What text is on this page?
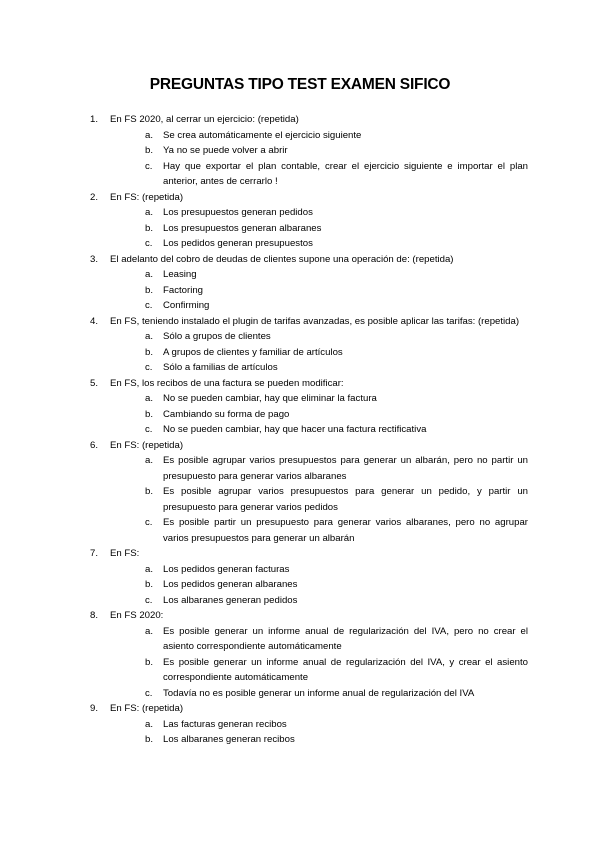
PREGUNTAS TIPO TEST EXAMEN SIFICO
1. En FS 2020, al cerrar un ejercicio: (repetida)
a. Se crea automáticamente el ejercicio siguiente
b. Ya no se puede volver a abrir
c. Hay que exportar el plan contable, crear el ejercicio siguiente e importar el plan anterior, antes de cerrarlo !
2. En FS: (repetida)
a. Los presupuestos generan pedidos
b. Los presupuestos generan albaranes
c. Los pedidos generan presupuestos
3. El adelanto del cobro de deudas de clientes supone una operación de: (repetida)
a. Leasing
b. Factoring
c. Confirming
4. En FS, teniendo instalado el plugin de tarifas avanzadas, es posible aplicar las tarifas: (repetida)
a. Sólo a grupos de clientes
b. A grupos de clientes y familiar de artículos
c. Sólo a familias de artículos
5. En FS, los recibos de una factura se pueden modificar:
a. No se pueden cambiar, hay que eliminar la factura
b. Cambiando su forma de pago
c. No se pueden cambiar, hay que hacer una factura rectificativa
6. En FS: (repetida)
a. Es posible agrupar varios presupuestos para generar un albarán, pero no partir un presupuesto para generar varios albaranes
b. Es posible agrupar varios presupuestos para generar un pedido, y partir un presupuesto para generar varios pedidos
c. Es posible partir un presupuesto para generar varios albaranes, pero no agrupar varios presupuestos para generar un albarán
7. En FS:
a. Los pedidos generan facturas
b. Los pedidos generan albaranes
c. Los albaranes generan pedidos
8. En FS 2020:
a. Es posible generar un informe anual de regularización del IVA, pero no crear el asiento correspondiente automáticamente
b. Es posible generar un informe anual de regularización del IVA, y crear el asiento correspondiente automáticamente
c. Todavía no es posible generar un informe anual de regularización del IVA
9. En FS: (repetida)
a. Las facturas generan recibos
b. Los albaranes generan recibos
